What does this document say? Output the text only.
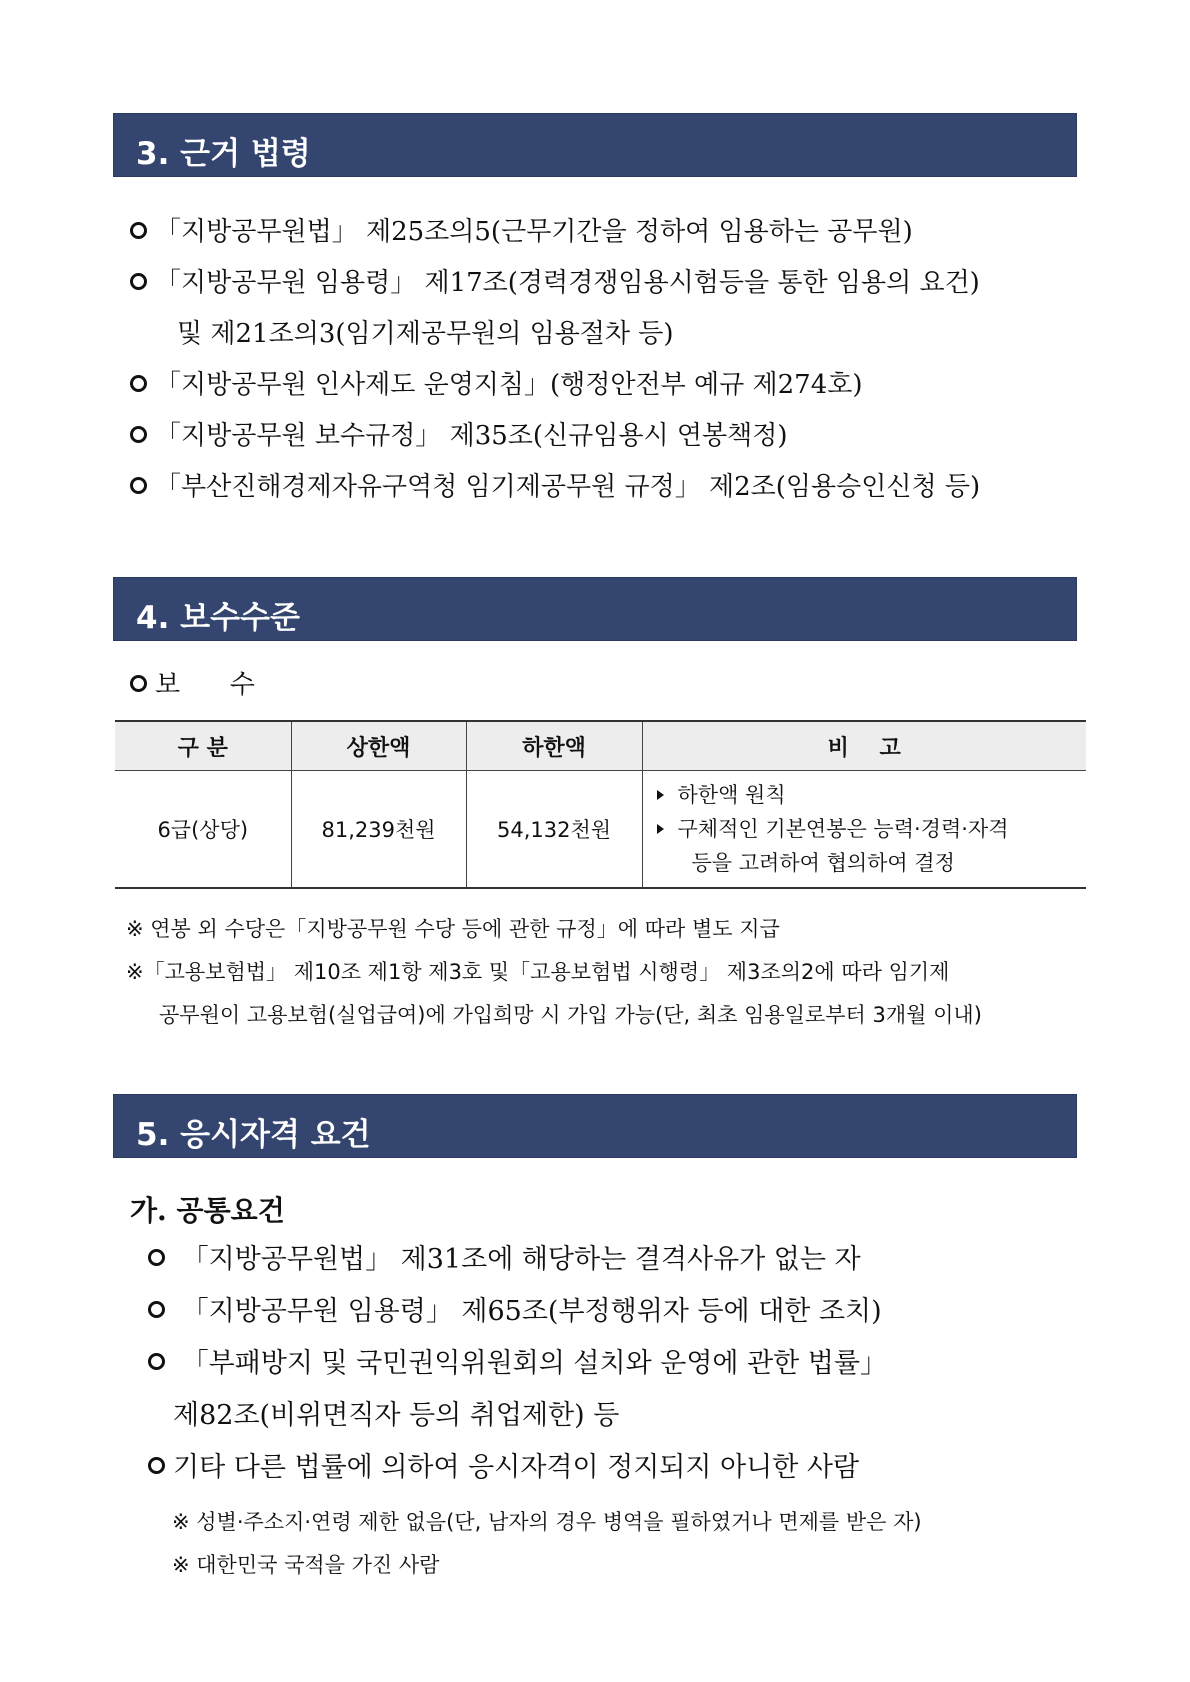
3. 근거 법령
「지방공무원법」 제25조의5(근무기간을 정하여 임용하는 공무원)
「지방공무원 임용령」 제17조(경력경쟁임용시험등을 통한 임용의 요건)
및 제21조의3(임기제공무원의 임용절차 등)
「지방공무원 인사제도 운영지침」(행정안전부 예규 제274호)
「지방공무원 보수규정」 제35조(신규임용시 연봉책정)
「부산진해경제자유구역청 임기제공무원 규정」 제2조(임용승인신청 등)
4. 보수수준
보      수
구 분	상한액	하한액	비    고
6급(상당)	81,239천원	54,132천원	하한액 원칙
구체적인 기본연봉은 능력·경력·자격
등을 고려하여 협의하여 결정
※ 연봉 외 수당은「지방공무원 수당 등에 관한 규정」에 따라 별도 지급
※「고용보험법」 제10조 제1항 제3호 및「고용보험법 시행령」 제3조의2에 따라 임기제
공무원이 고용보험(실업급여)에 가입희망 시 가입 가능(단, 최초 임용일로부터 3개월 이내)
5. 응시자격 요건
가. 공통요건
「지방공무원법」 제31조에 해당하는 결격사유가 없는 자
「지방공무원 임용령」 제65조(부정행위자 등에 대한 조치)
「부패방지 및 국민권익위원회의 설치와 운영에 관한 법률」
제82조(비위면직자 등의 취업제한) 등
기타 다른 법률에 의하여 응시자격이 정지되지 아니한 사람
※ 성별·주소지·연령 제한 없음(단, 남자의 경우 병역을 필하였거나 면제를 받은 자)
※ 대한민국 국적을 가진 사람
